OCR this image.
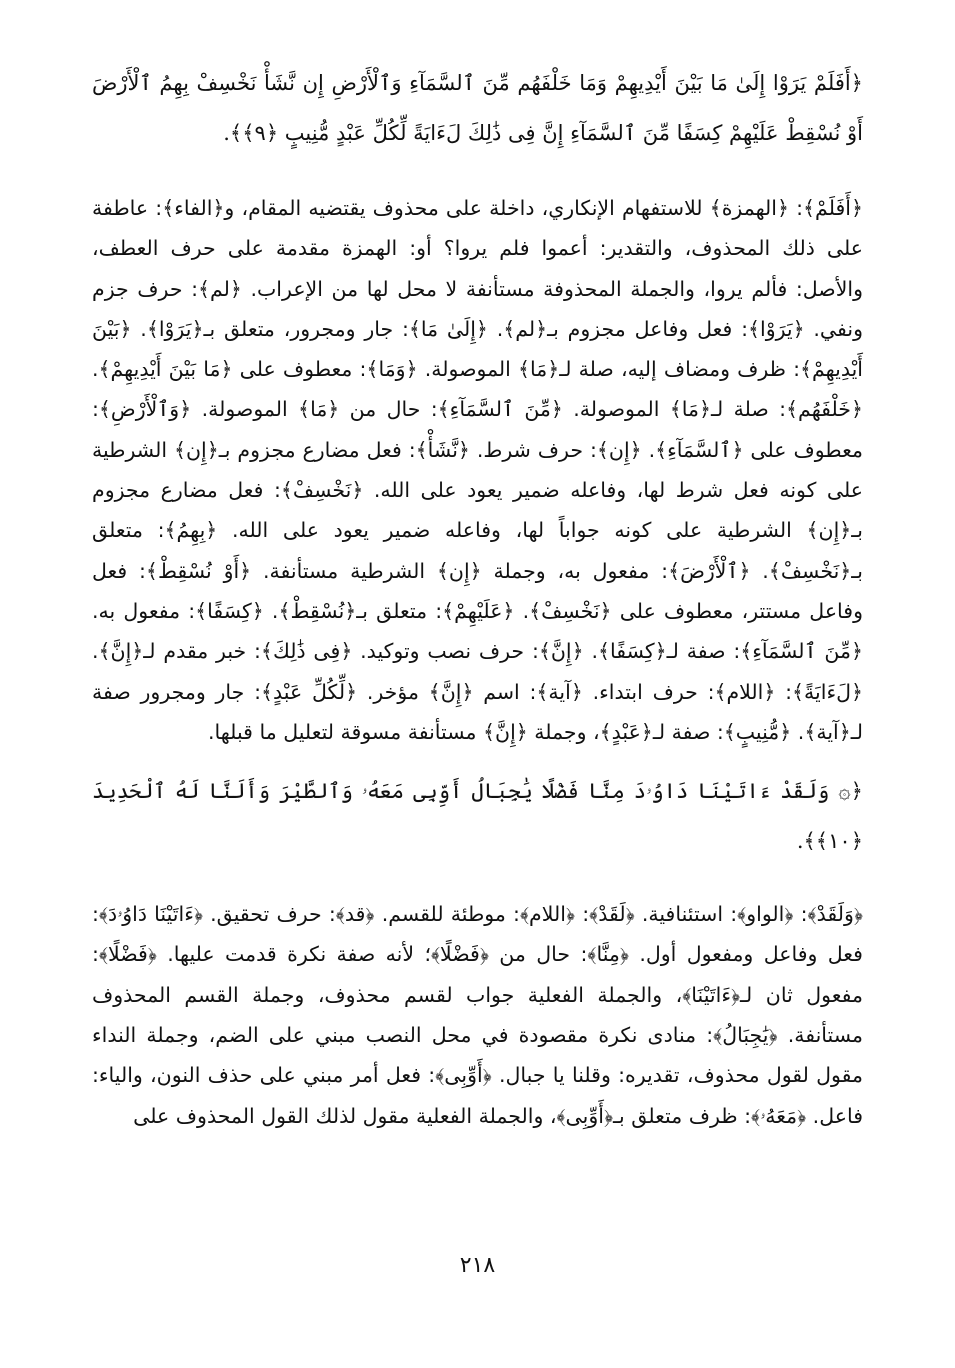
﴿أَفَلَمْ يَرَوْا إِلَىٰ مَا بَيْنَ أَيْدِيهِمْ وَمَا خَلْفَهُم مِّنَ ٱلسَّمَآءِ وَٱلْأَرْضِ إِن نَّشَأْ نَخْسِفْ بِهِمُ ٱلْأَرْضَ أَوْ نُسْقِطْ عَلَيْهِمْ كِسَفًا مِّنَ ٱلسَّمَآءِ إِنَّ فِى ذَٰلِكَ لَءَايَةً لِّكُلِّ عَبْدٍ مُّنِيبٍ ﴿٩﴾﴾.

﴿أَفَلَمْ﴾: ﴿الهمزة﴾ للاستفهام الإنكاري، داخلة على محذوف يقتضيه المقام، و﴿الفاء﴾: عاطفة على ذلك المحذوف، والتقدير: أعموا فلم يروا؟ أو: الهمزة مقدمة على حرف العطف، والأصل: فألم يروا، والجملة المحذوفة مستأنفة لا محل لها من الإعراب. ﴿لم﴾: حرف جزم ونفي. ﴿يَرَوْا﴾: فعل وفاعل مجزوم بـ﴿لم﴾. ﴿إِلَىٰ مَا﴾: جار ومجرور، متعلق بـ﴿يَرَوْا﴾. ﴿بَيْنَ أَيْدِيهِمْ﴾: ظرف ومضاف إليه، صلة لـ﴿مَا﴾ الموصولة. ﴿وَمَا﴾: معطوف على ﴿مَا بَيْنَ أَيْدِيهِمْ﴾. ﴿خَلْفَهُم﴾: صلة لـ﴿مَا﴾ الموصولة. ﴿مِّنَ ٱلسَّمَآءِ﴾: حال من ﴿مَا﴾ الموصولة. ﴿وَٱلْأَرْضِ﴾: معطوف على ﴿ٱلسَّمَآءِ﴾. ﴿إِن﴾: حرف شرط. ﴿نَّشَأْ﴾: فعل مضارع مجزوم بـ﴿إِن﴾ الشرطية على كونه فعل شرط لها، وفاعله ضمير يعود على الله. ﴿نَخْسِفْ﴾: فعل مضارع مجزوم بـ﴿إِن﴾ الشرطية على كونه جواباً لها، وفاعله ضمير يعود على الله. ﴿بِهِمُ﴾: متعلق بـ﴿نَخْسِفْ﴾. ﴿ٱلْأَرْضَ﴾: مفعول به، وجملة ﴿إِن﴾ الشرطية مستأنفة. ﴿أَوْ نُسْقِطْ﴾: فعل وفاعل مستتر، معطوف على ﴿نَخْسِفْ﴾. ﴿عَلَيْهِمْ﴾: متعلق بـ﴿نُسْقِطْ﴾. ﴿كِسَفًا﴾: مفعول به. ﴿مِّنَ ٱلسَّمَآءِ﴾: صفة لـ﴿كِسَفًا﴾. ﴿إِنَّ﴾: حرف نصب وتوكيد. ﴿فِى ذَٰلِكَ﴾: خبر مقدم لـ﴿إِنَّ﴾. ﴿لَءَايَةً﴾: ﴿اللام﴾: حرف ابتداء. ﴿آية﴾: اسم ﴿إِنَّ﴾ مؤخر. ﴿لِّكُلِّ عَبْدٍ﴾: جار ومجرور صفة لـ﴿آية﴾. ﴿مُّنِيبٍ﴾: صفة لـ﴿عَبْدٍ﴾، وجملة ﴿إِنَّ﴾ مستأنفة مسوقة لتعليل ما قبلها.

﴿۞ وَلَقَدْ ءَاتَيْنَا دَاوُۥدَ مِنَّا فَضْلًا يَٰجِبَالُ أَوِّبِى مَعَهُۥ وَٱلطَّيْرَ وَأَلَنَّا لَهُ ٱلْحَدِيدَ ﴿١٠﴾﴾.

﴿وَلَقَدْ﴾: ﴿الواو﴾: استئنافية. ﴿لَقَدْ﴾: ﴿اللام﴾: موطئة للقسم. ﴿قد﴾: حرف تحقيق. ﴿ءَاتَيْنَا دَاوُۥدَ﴾: فعل وفاعل ومفعول أول. ﴿مِنَّا﴾: حال من ﴿فَضْلًا﴾؛ لأنه صفة نكرة قدمت عليها. ﴿فَضْلًا﴾: مفعول ثان لـ﴿ءَاتَيْنَا﴾، والجملة الفعلية جواب لقسم محذوف، وجملة القسم المحذوف مستأنفة. ﴿يَٰجِبَالُ﴾: منادى نكرة مقصودة في محل النصب مبني على الضم، وجملة النداء مقول لقول محذوف، تقديره: وقلنا يا جبال. ﴿أَوِّبِى﴾: فعل أمر مبني على حذف النون، والياء: فاعل. ﴿مَعَهُۥ﴾: ظرف متعلق بـ﴿أَوِّبِى﴾، والجملة الفعلية مقول لذلك القول المحذوف على

٢١٨
